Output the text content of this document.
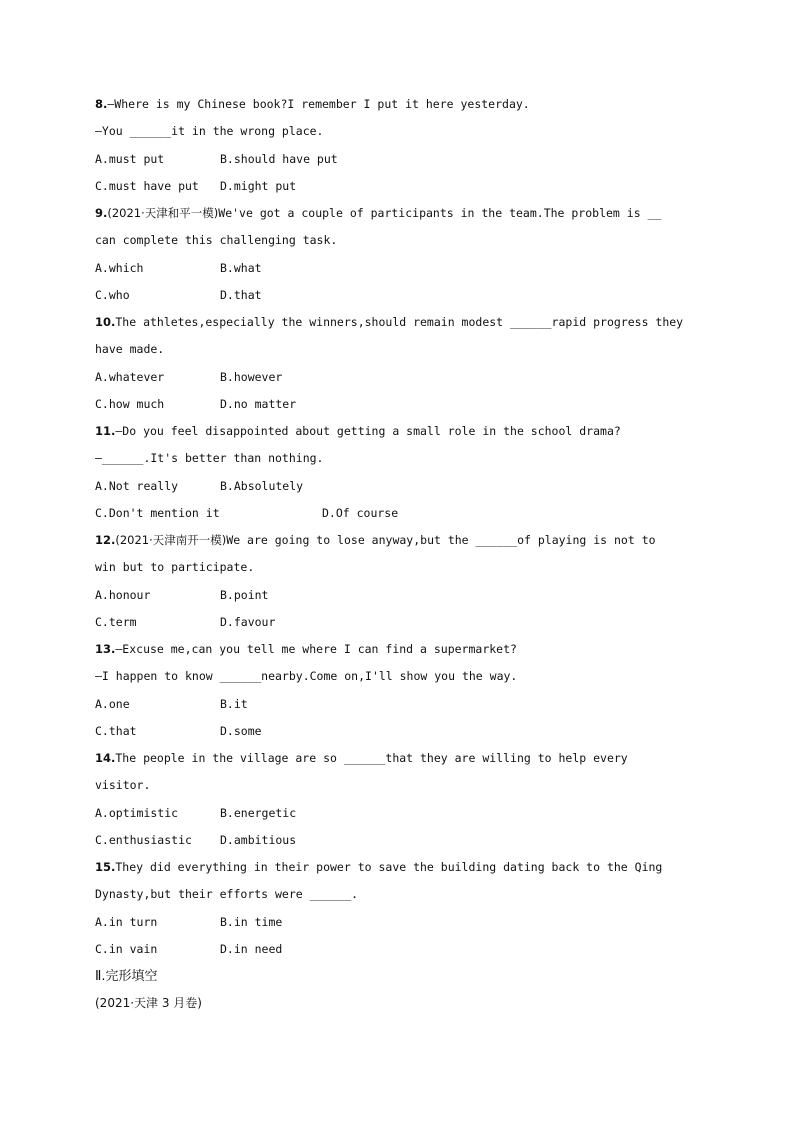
8.—Where is my Chinese book?I remember I put it here yesterday.
—You ______it in the wrong place.
A.must put	B.should have put
C.must have put	D.might put
9.(2021·天津和平一模)We've got a couple of participants in the team.The problem is __
can complete this challenging task.
A.which	B.what
C.who	D.that
10.The athletes,especially the winners,should remain modest ______rapid progress they
have made.
A.whatever	B.however
C.how much	D.no matter
11.—Do you feel disappointed about getting a small role in the school drama?
—______.It's better than nothing.
A.Not really	B.Absolutely
C.Don't mention it	D.Of course
12.(2021·天津南开一模)We are going to lose anyway,but the ______of playing is not to
win but to participate.
A.honour	B.point
C.term	D.favour
13.—Excuse me,can you tell me where I can find a supermarket?
—I happen to know ______nearby.Come on,I'll show you the way.
A.one	B.it
C.that	D.some
14.The people in the village are so ______that they are willing to help every
visitor.
A.optimistic	B.energetic
C.enthusiastic	D.ambitious
15.They did everything in their power to save the building dating back to the Qing
Dynasty,but their efforts were ______.
A.in turn	B.in time
C.in vain	D.in need
Ⅱ.完形填空
(2021·天津 3 月卷)
